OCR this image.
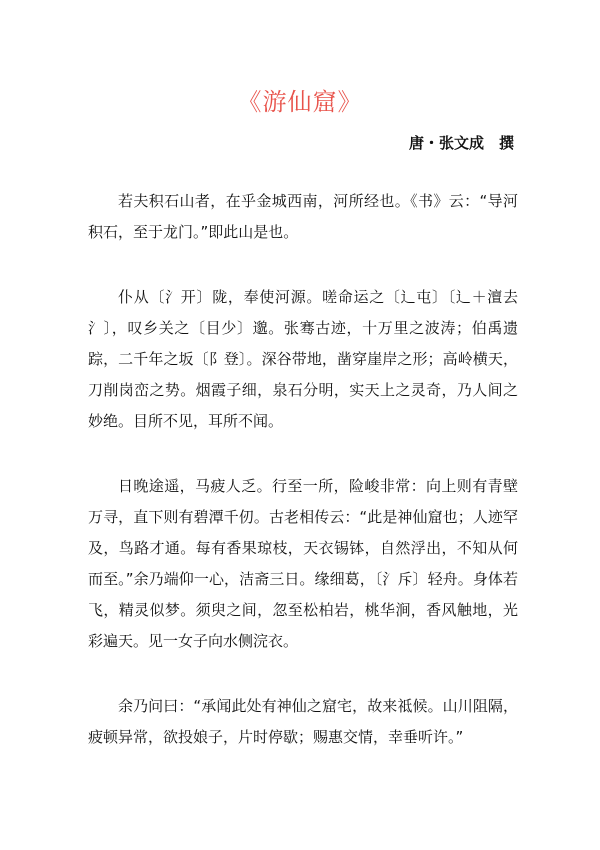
《游仙窟》
唐・张文成　撰

若夫积石山者，在乎金城西南，河所经也。《书》云：“导河积石，至于龙门。”即此山是也。

仆从〔氵开〕陇，奉使河源。嗟命运之〔辶屯〕〔辶＋澶去氵〕，叹乡关之〔目少〕邈。张骞古迹，十万里之波涛；伯禹遗踪，二千年之坂〔阝登〕。深谷带地，凿穿崖岸之形；高岭横天，刀削岗峦之势。烟霞子细，泉石分明，实天上之灵奇，乃人间之妙绝。目所不见，耳所不闻。

日晚途遥，马疲人乏。行至一所，险峻非常：向上则有青壁万寻，直下则有碧潭千仞。古老相传云：“此是神仙窟也；人迹罕及，鸟路才通。每有香果琼枝，天衣锡钵，自然浮出，不知从何而至。”余乃端仰一心，洁斋三日。缘细葛，〔氵斥〕轻舟。身体若飞，精灵似梦。须臾之间，忽至松柏岩，桃华涧，香风触地，光彩遍天。见一女子向水侧浣衣。

余乃问曰：“承闻此处有神仙之窟宅，故来祗候。山川阻隔，疲顿异常，欲投娘子，片时停歇；赐惠交情，幸垂听许。”
